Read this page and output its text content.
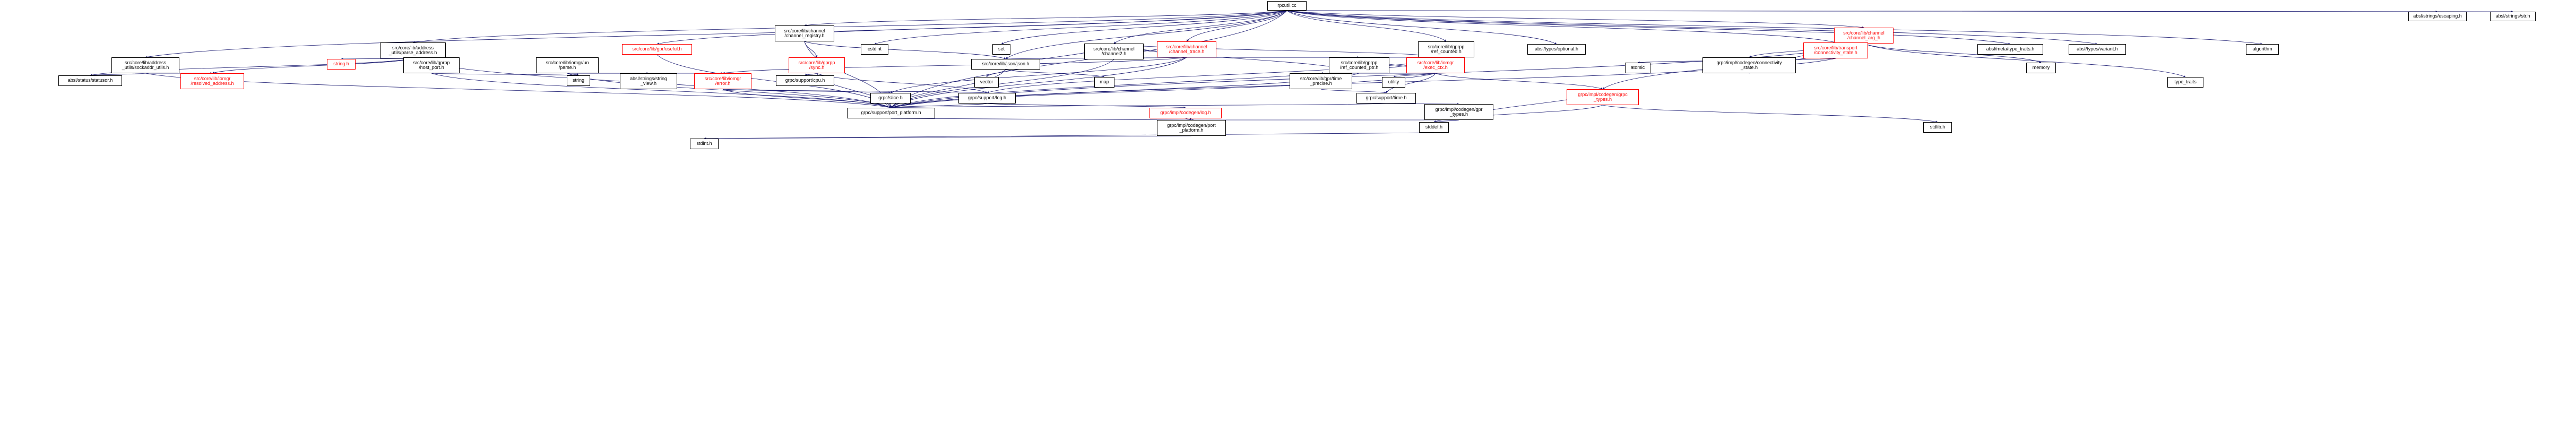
rpcutil.cc
absl/strings/escaping.h	absl/strings/str.h
src/core/lib/channel
/channel_registry.h
src/core/lib/channel
/channel2.h
src/core/lib/channel
/channel_arg_h
src/core/lib/address
_utils/parse_address.h
src/core/lib/gpr/useful.h	cstdint	set	src/core/lib/channel
/channel_trace.h
src/core/lib/gprpp
/ref_counted.h	absl/types/optional.h	src/core/lib/transport
/connectivity_state.h
absl/meta/type_traits.h	absl/types/variant.h	algorithm
src/core/lib/address
_utils/sockaddr_utils.h
string.h	src/core/lib/gprpp
/host_port.h
src/core/lib/iomgr/un
/parse.h
src/core/lib/gprpp
/sync.h
src/core/lib/json/json.h	src/core/lib/gprpp
/ref_counted_ptr.h
src/core/lib/iomgr
/exec_ctx.h
grpc/impl/codegen/connectivity
_state.h
atomic	memory
absl/status/statusor.h	src/core/lib/iomgr
/resolved_address.h
string	absl/strings/string
_view.h
src/core/lib/iomgr
/error.h
grpc/support/cpu.h	vector	map
src/core/lib/gpr/time
_precise.h	utility	type_traits
grpc/slice.h	grpc/support/log.h	grpc/support/time.h
grpc/impl/codegen/grpc
_types.h
grpc/support/port_platform.h	grpc/impl/codegen/log.h
grpc/impl/codegen/gpr
_types.h
stddef.h	stdlib.h
grpc/impl/codegen/port
_platform.h
stdint.h
